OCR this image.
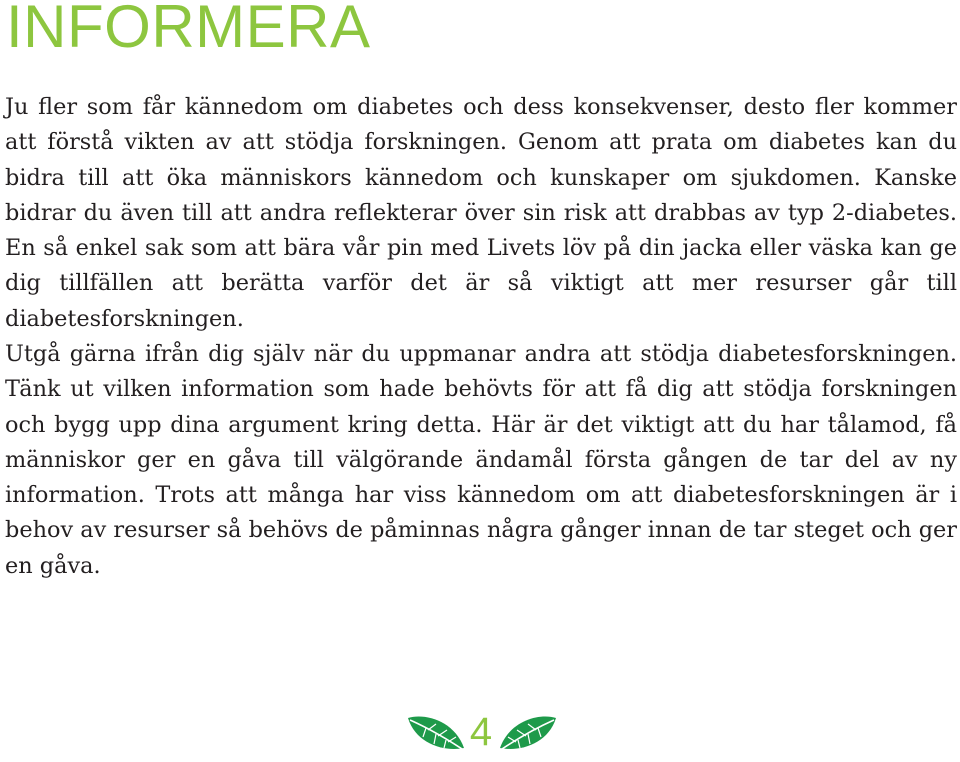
INFORMERA

Ju fler som får kännedom om diabetes och dess konsekvenser, desto fler kommer att förstå vikten av att stödja forskningen. Genom att prata om diabetes kan du bidra till att öka människors kännedom och kunskaper om sjukdomen. Kanske bidrar du även till att andra reflekterar över sin risk att drabbas av typ 2-diabetes. En så enkel sak som att bära vår pin med Livets löv på din jacka eller väska kan ge dig tillfällen att berätta varför det är så viktigt att mer resurser går till diabetesforskningen.

Utgå gärna ifrån dig själv när du uppmanar andra att stödja diabetesforskningen. Tänk ut vilken information som hade behövts för att få dig att stödja forskningen och bygg upp dina argument kring detta. Här är det viktigt att du har tålamod, få människor ger en gåva till välgörande ändamål första gången de tar del av ny information. Trots att många har viss kännedom om att diabetesforskningen är i behov av resurser så behövs de påminnas några gånger innan de tar steget och ger en gåva.

4
